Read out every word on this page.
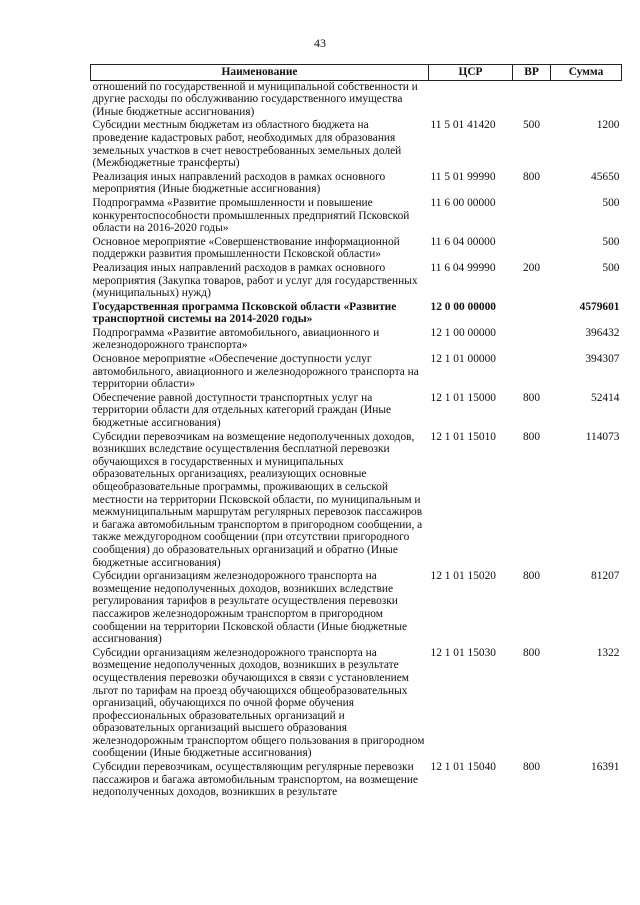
43
Наименование	ЦСР	ВР	Сумма
отношений по государственной и муниципальной собственности и другие расходы по обслуживанию государственного имущества (Иные бюджетные ассигнования)			
Субсидии местным бюджетам из областного бюджета на проведение кадастровых работ, необходимых для образования земельных участков в счет невостребованных земельных долей (Межбюджетные трансферты)	11 5 01 41420	500	1200
Реализация иных направлений расходов в рамках основного мероприятия (Иные бюджетные ассигнования)	11 5 01 99990	800	45650
Подпрограмма «Развитие промышленности и повышение конкурентоспособности промышленных предприятий Псковской области на 2016-2020 годы»	11 6 00 00000		500
Основное мероприятие «Совершенствование информационной поддержки развития промышленности Псковской области»	11 6 04 00000		500
Реализация иных направлений расходов в рамках основного мероприятия (Закупка товаров, работ и услуг для государственных (муниципальных) нужд)	11 6 04 99990	200	500
Государственная программа Псковской области «Развитие транспортной системы на 2014-2020 годы»	12 0 00 00000		4579601
Подпрограмма «Развитие автомобильного, авиационного и железнодорожного транспорта»	12 1 00 00000		396432
Основное мероприятие «Обеспечение доступности услуг автомобильного, авиационного и железнодорожного транспорта на территории области»	12 1 01 00000		394307
Обеспечение равной доступности транспортных услуг на территории области для отдельных категорий граждан (Иные бюджетные ассигнования)	12 1 01 15000	800	52414
Субсидии перевозчикам на возмещение недополученных доходов, возникших вследствие осуществления бесплатной перевозки обучающихся в государственных и муниципальных образовательных организациях, реализующих основные общеобразовательные программы, проживающих в сельской местности на территории Псковской области, по муниципальным и межмуниципальным маршрутам регулярных перевозок пассажиров и багажа автомобильным транспортом в пригородном сообщении, а также междугородном сообщении (при отсутствии пригородного сообщения) до образовательных организаций и обратно (Иные бюджетные ассигнования)	12 1 01 15010	800	114073
Субсидии организациям железнодорожного транспорта на возмещение недополученных доходов, возникших вследствие регулирования тарифов в результате осуществления перевозки пассажиров железнодорожным транспортом в пригородном сообщении на территории Псковской области (Иные бюджетные ассигнования)	12 1 01 15020	800	81207
Субсидии организациям железнодорожного транспорта на возмещение недополученных доходов, возникших в результате осуществления перевозки обучающихся в связи с установлением льгот по тарифам на проезд обучающихся общеобразовательных организаций, обучающихся по очной форме обучения профессиональных образовательных организаций и образовательных организаций высшего образования железнодорожным транспортом общего пользования в пригородном сообщении (Иные бюджетные ассигнования)	12 1 01 15030	800	1322
Субсидии перевозчикам, осуществляющим регулярные перевозки пассажиров и багажа автомобильным транспортом, на возмещение недополученных доходов, возникших в результате	12 1 01 15040	800	16391
